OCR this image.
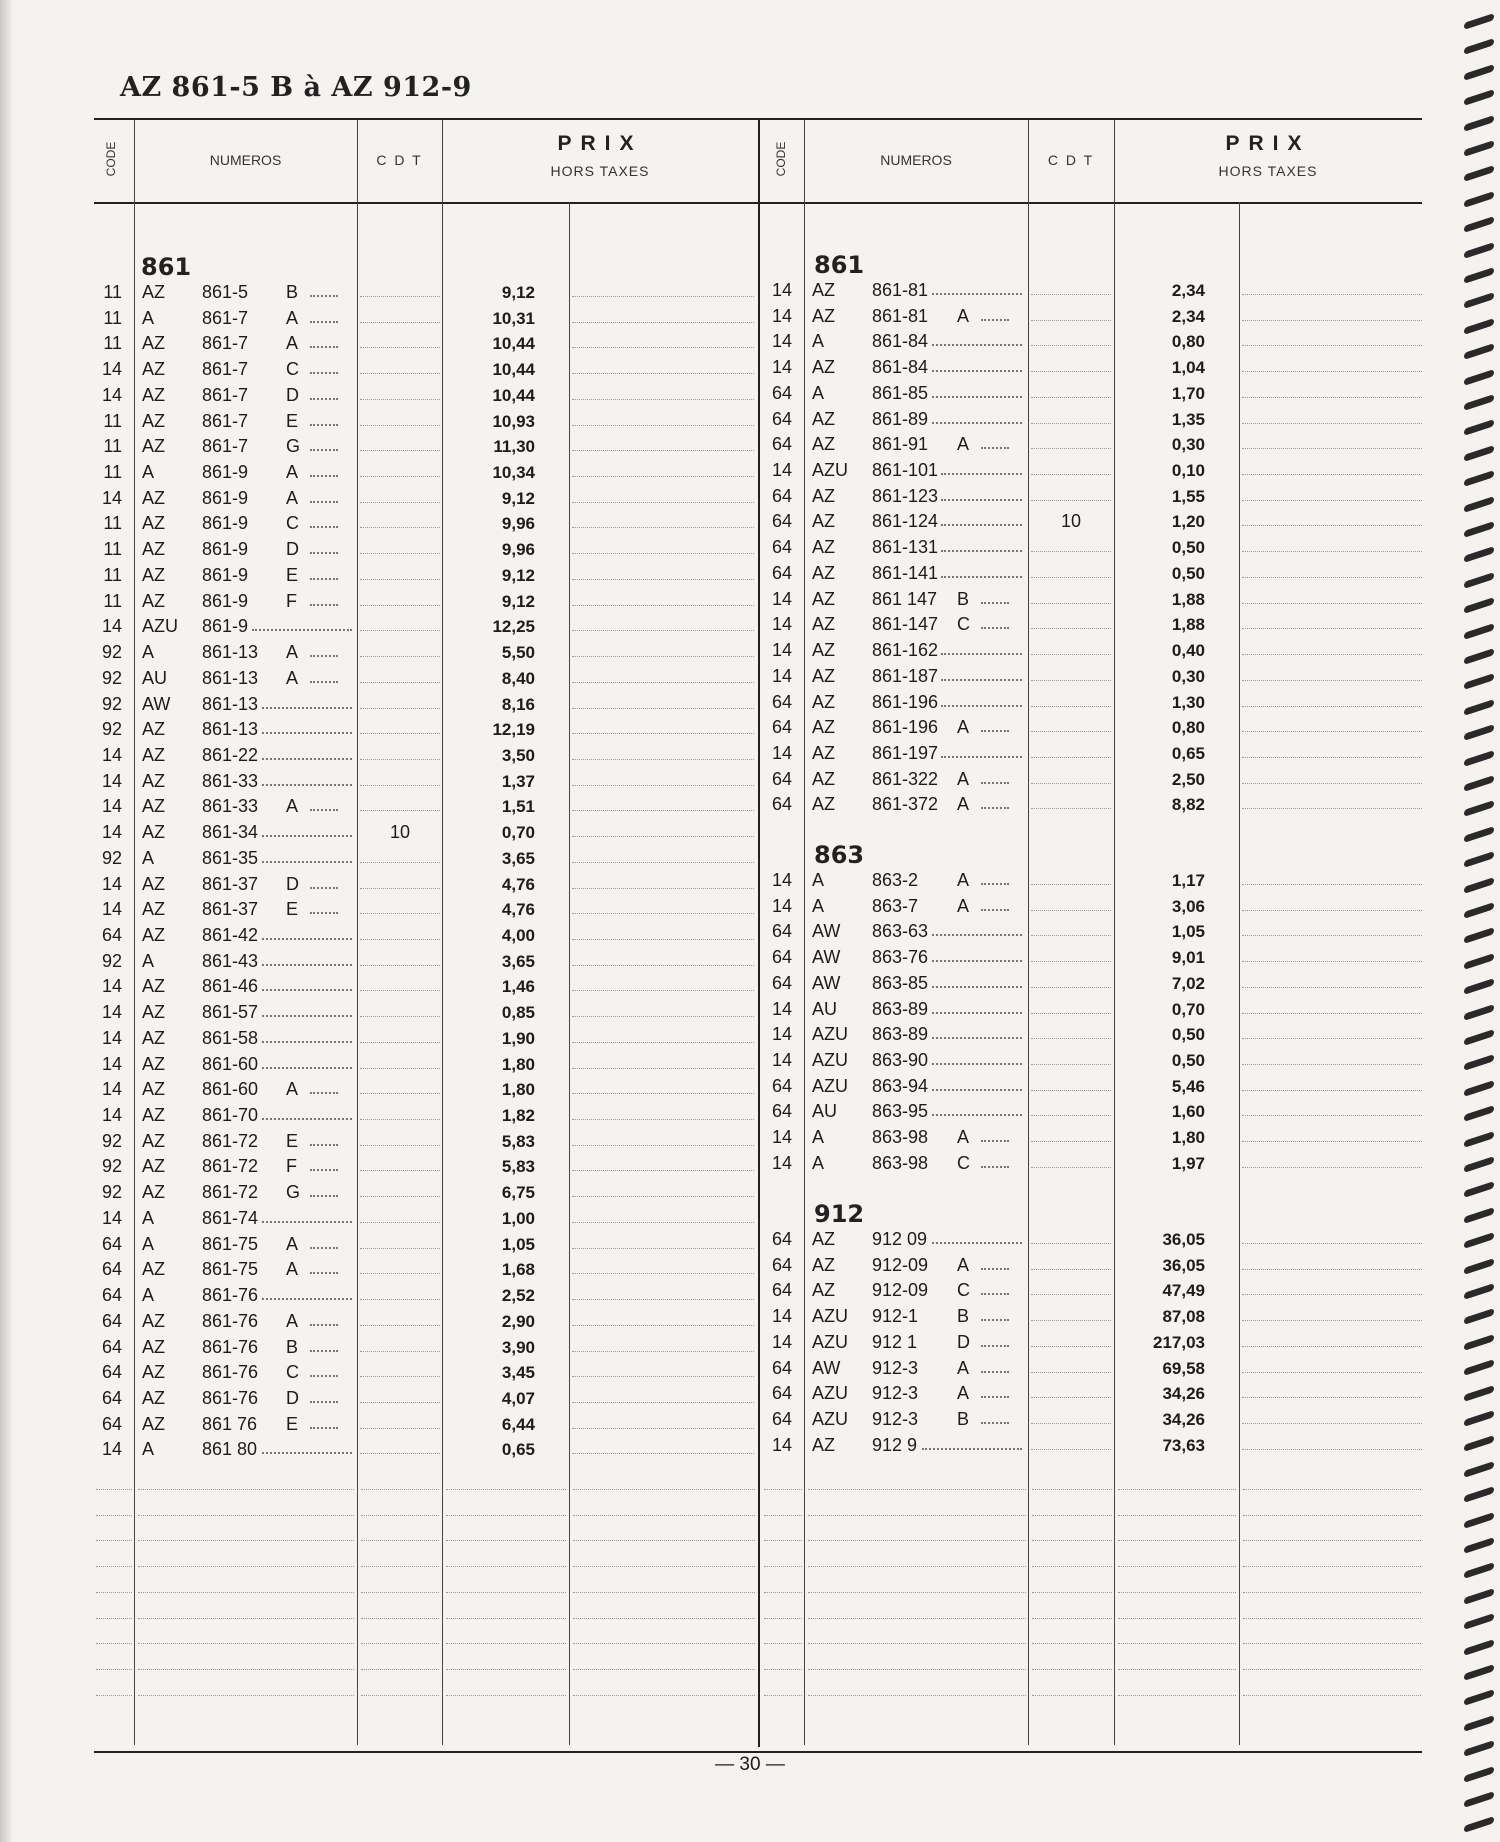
AZ 861-5 B à AZ 912-9
CODE	NUMEROS	C D T
PRIX
HORS TAXES	CODE	NUMEROS	C D T
PRIX
HORS TAXES
861
11 AZ 861-5 B	9,12
11 A	861-7 A	10,31
11 AZ 861-7 A	10,44
14 AZ 861-7 C	10,44
14 AZ 861-7 D	10,44
11 AZ 861-7 E	10,93
11 AZ 861-7 G	11,30
11 A	861-9 A	10,34
14 AZ 861-9 A	9,12
11 AZ 861-9 C	9,96
11 AZ 861-9 D	9,96
11 AZ 861-9 E	9,12
11 AZ 861-9 F	9,12
14 AZU 861-9	12,25
92 A	861-13 A	5,50
92 AU 861-13 A	8,40
92 AW 861-13	8,16
92 AZ 861-13	12,19
14 AZ 861-22	3,50
14 AZ 861-33	1,37
14 AZ 861-33 A	1,51
14 AZ 861-34	10	0,70
92 A	861-35	3,65
14 AZ 861-37 D	4,76
14 AZ 861-37 E	4,76
64 AZ 861-42	4,00
92 A	861-43	3,65
14 AZ 861-46	1,46
14 AZ 861-57	0,85
14 AZ 861-58	1,90
14 AZ 861-60	1,80
14 AZ 861-60 A	1,80
14 AZ 861-70	1,82
92 AZ 861-72 E	5,83
92 AZ 861-72 F	5,83
92 AZ 861-72 G	6,75
14 A	861-74	1,00
64 A	861-75 A	1,05
64 AZ 861-75 A	1,68
64 A	861-76	2,52
64 AZ 861-76 A	2,90
64 AZ 861-76 B	3,90
64 AZ 861-76 C	3,45
64 AZ 861-76 D	4,07
64 AZ 861 76 E	6,44
14 A	861 80	0,65
861
863
912
14 AZ 861-81	2,34
14 AZ 861-81 A	2,34
14 A	861-84	0,80
14 AZ 861-84	1,04
64 A	861-85	1,70
64 AZ 861-89	1,35
64 AZ 861-91 A	0,30
14 AZU 861-101	0,10
64 AZ 861-123	1,55
64 AZ 861-124	10	1,20
64 AZ 861-131	0,50
64 AZ 861-141	0,50
14 AZ 861 147 B	1,88
14 AZ 861-147 C	1,88
14 AZ 861-162	0,40
14 AZ 861-187	0,30
64 AZ 861-196	1,30
64 AZ 861-196 A	0,80
14 AZ 861-197	0,65
64 AZ 861-322 A	2,50
64 AZ 861-372 A	8,82
14 A	863-2 A	1,17
14 A	863-7 A	3,06
64 AW 863-63	1,05
64 AW 863-76	9,01
64 AW 863-85	7,02
14 AU 863-89	0,70
14 AZU 863-89	0,50
14 AZU 863-90	0,50
64 AZU 863-94	5,46
64 AU 863-95	1,60
14 A	863-98 A	1,80
14 A	863-98 C	1,97
64 AZ 912 09	36,05
64 AZ 912-09 A	36,05
64 AZ 912-09 C	47,49
14 AZU 912-1 B	87,08
14 AZU 912 1 D	217,03
64 AW 912-3 A	69,58
64 AZU 912-3 A	34,26
64 AZU 912-3 B	34,26
14 AZ 912 9	73,63
— 30 —
